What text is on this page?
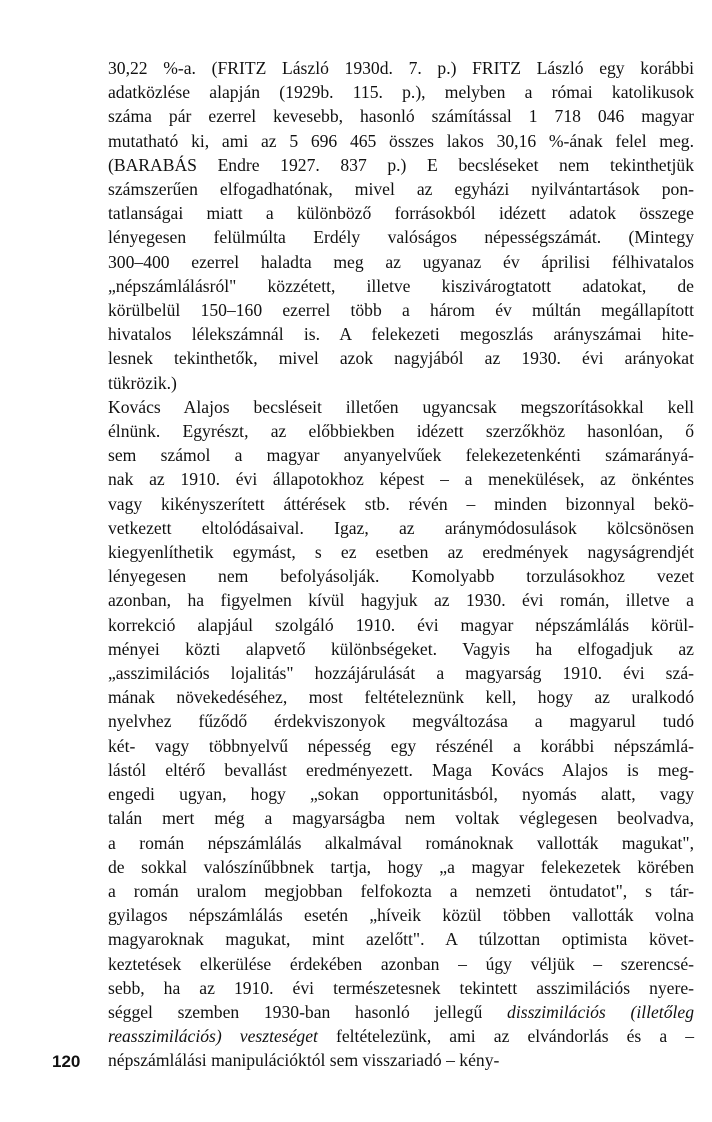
30,22 %-a. (FRITZ László 1930d. 7. p.) FRITZ László egy korábbi
adatközlése alapján (1929b. 115. p.), melyben a római katolikusok
száma pár ezerrel kevesebb, hasonló számítással 1 718 046 magyar
mutatható ki, ami az 5 696 465 összes lakos 30,16 %-ának felel meg.
(BARABÁS Endre 1927. 837 p.) E becsléseket nem tekinthetjük
számszerűen elfogadhatónak, mivel az egyházi nyilvántartások pon-
tatlanságai miatt a különböző forrásokból idézett adatok összege
lényegesen felülmúlta Erdély valóságos népességszámát. (Mintegy
300–400 ezerrel haladta meg az ugyanaz év áprilisi félhivatalos
„népszámlálásról" közzétett, illetve kiszivárogtatott adatokat, de
körülbelül 150–160 ezerrel több a három év múltán megállapított
hivatalos lélekszámnál is. A felekezeti megoszlás arányszámai hite-
lesnek tekinthetők, mivel azok nagyjából az 1930. évi arányokat
tükrözik.)
Kovács Alajos becsléseit illetően ugyancsak megszorításokkal kell
élnünk. Egyrészt, az előbbiekben idézett szerzőkhöz hasonlóan, ő
sem számol a magyar anyanyelvűek felekezetenkénti számarányá-
nak az 1910. évi állapotokhoz képest – a menekülések, az önkéntes
vagy kikényszerített áttérések stb. révén – minden bizonnyal bekö-
vetkezett eltolódásaival. Igaz, az aránymódosulások kölcsönösen
kiegyenlíthetik egymást, s ez esetben az eredmények nagyságrendjét
lényegesen nem befolyásolják. Komolyabb torzulásokhoz vezet
azonban, ha figyelmen kívül hagyjuk az 1930. évi román, illetve a
korrekció alapjául szolgáló 1910. évi magyar népszámlálás körül-
ményei közti alapvető különbségeket. Vagyis ha elfogadjuk az
„asszimilációs lojalitás" hozzájárulását a magyarság 1910. évi szá-
mának növekedéséhez, most feltételeznünk kell, hogy az uralkodó
nyelvhez fűződő érdekviszonyok megváltozása a magyarul tudó
két- vagy többnyelvű népesség egy részénél a korábbi népszámlá-
lástól eltérő bevallást eredményezett. Maga Kovács Alajos is meg-
engedi ugyan, hogy „sokan opportunitásból, nyomás alatt, vagy
talán mert még a magyarságba nem voltak véglegesen beolvadva,
a román népszámlálás alkalmával románoknak vallották magukat",
de sokkal valószínűbbnek tartja, hogy „a magyar felekezetek körében
a román uralom megjobban felfokozta a nemzeti öntudatot", s tár-
gyilagos népszámlálás esetén „híveik közül többen vallották volna
magyaroknak magukat, mint azelőtt". A túlzottan optimista követ-
keztetések elkerülése érdekében azonban – úgy véljük – szerencsé-
sebb, ha az 1910. évi természetesnek tekintett asszimilációs nyere-
séggel szemben 1930-ban hasonló jellegű disszimilációs (illetőleg
reasszimilációs) veszteséget feltételezünk, ami az elvándorlás és a –
népszámlálási manipulációktól sem visszariadó – kény-
120
